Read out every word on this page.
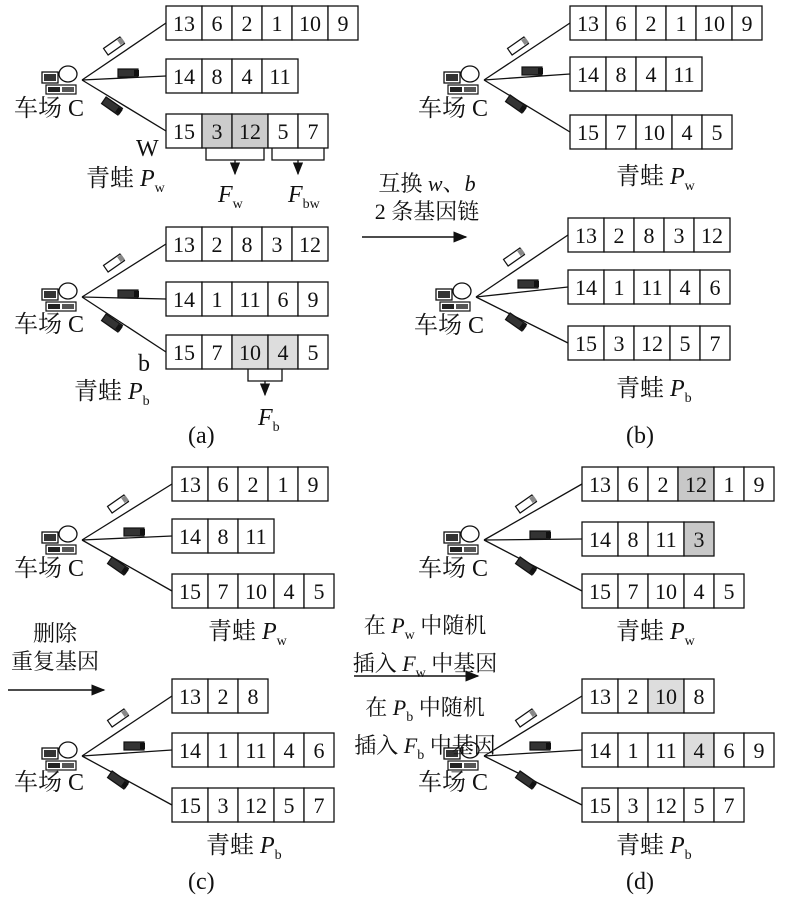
13 6 2 1 10 9
14 8 4 11
15 3 12 5 7
13 2 8 3 12
14 1 11 6 9
15 7 10 4 5
13 6 2 1 10 9
14 8 4 11
15 7 10 4 5
13 2 8 3 12
14 1 11 4 6
15 3 12 5 7
13 6 2 1 9
14 8 11
15 7 10 4 5
13 2 8
14 1 11 4 6
15 3 12 5 7
13 6 2 12 1 9
14 8 11 3
15 7 10 4 5
13 2 10 8
14 1 11 4 6 9
15 3 12 5 7
车场 C
W
青蛙 $P_w$ $F_w$ $F_{bw}$
车场 C
b
青蛙 $P_b$
$F_b$
(a)
互换 w、b
2 条基因链
车场 C
青蛙 $P_w$
车场 C
青蛙 $P_b$
(b)
车场 C
青蛙 $P_w$
删除
重复基因
车场 C
青蛙 $P_b$
(c)
在 $P_w$ 中随机
插入 $F_w$ 中基因
在 $P_b$ 中随机
插入 $F_b$ 中基因
车场 C
青蛙 $P_w$
车场 C
青蛙 $P_b$
(d)
